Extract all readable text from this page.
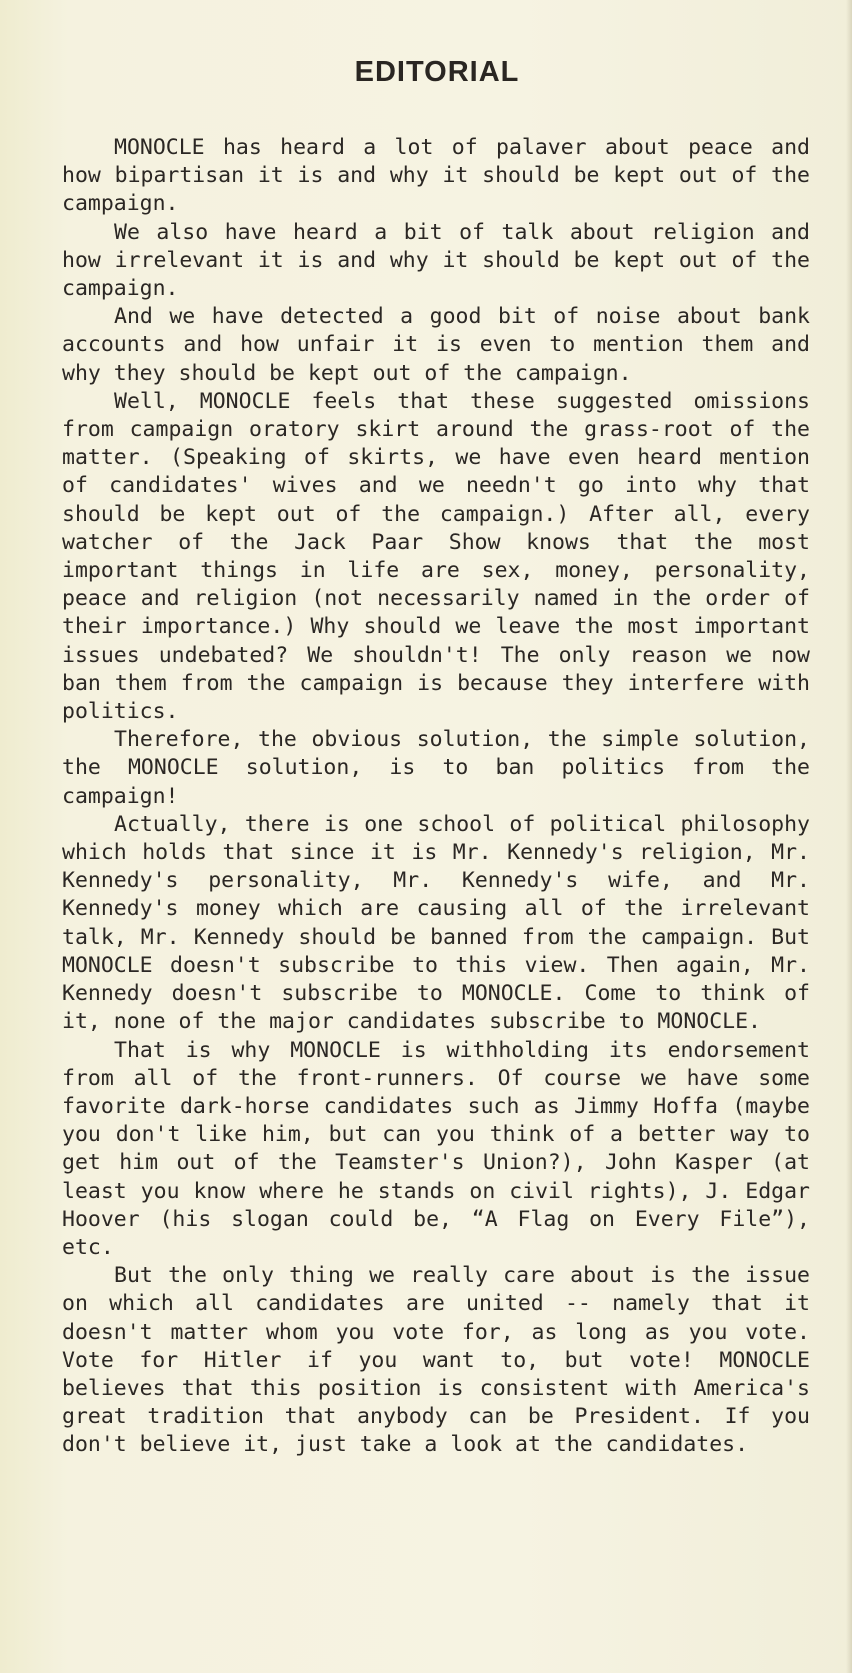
EDITORIAL

MONOCLE has heard a lot of palaver about peace and how bipartisan it is and why it should be kept out of the campaign.

We also have heard a bit of talk about religion and how irrelevant it is and why it should be kept out of the campaign.

And we have detected a good bit of noise about bank accounts and how unfair it is even to mention them and why they should be kept out of the campaign.

Well, MONOCLE feels that these suggested omissions from campaign oratory skirt around the grass-root of the matter. (Speaking of skirts, we have even heard mention of candidates' wives and we needn't go into why that should be kept out of the campaign.) After all, every watcher of the Jack Paar Show knows that the most important things in life are sex, money, personality, peace and religion (not necessarily named in the order of their importance.) Why should we leave the most important issues undebated? We shouldn't! The only reason we now ban them from the campaign is because they interfere with politics.

Therefore, the obvious solution, the simple solution, the MONOCLE solution, is to ban politics from the campaign!

Actually, there is one school of political philosophy which holds that since it is Mr. Kennedy's religion, Mr. Kennedy's personality, Mr. Kennedy's wife, and Mr. Kennedy's money which are causing all of the irrelevant talk, Mr. Kennedy should be banned from the campaign. But MONOCLE doesn't subscribe to this view. Then again, Mr. Kennedy doesn't subscribe to MONOCLE. Come to think of it, none of the major candidates subscribe to MONOCLE.

That is why MONOCLE is withholding its endorsement from all of the front-runners. Of course we have some favorite dark-horse candidates such as Jimmy Hoffa (maybe you don't like him, but can you think of a better way to get him out of the Teamster's Union?), John Kasper (at least you know where he stands on civil rights), J. Edgar Hoover (his slogan could be, “A Flag on Every File”), etc.

But the only thing we really care about is the issue on which all candidates are united -- namely that it doesn't matter whom you vote for, as long as you vote. Vote for Hitler if you want to, but vote! MONOCLE believes that this position is consistent with America's great tradition that anybody can be President. If you don't believe it, just take a look at the candidates.
